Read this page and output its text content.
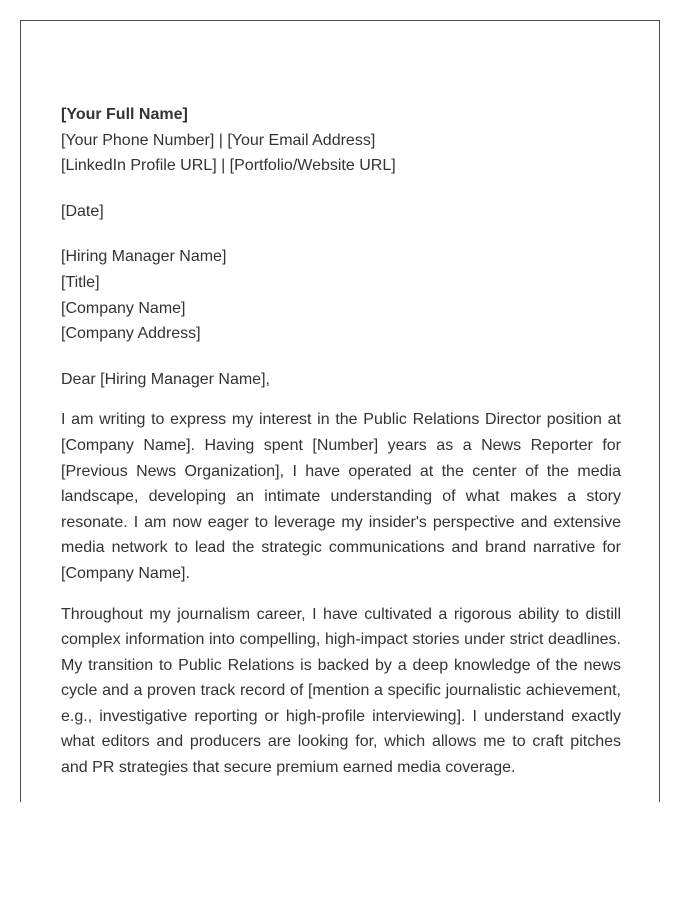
[Your Full Name]
[Your Phone Number] | [Your Email Address]
[LinkedIn Profile URL] | [Portfolio/Website URL]
[Date]
[Hiring Manager Name]
[Title]
[Company Name]
[Company Address]
Dear [Hiring Manager Name],

I am writing to express my interest in the Public Relations Director position at [Company Name]. Having spent [Number] years as a News Reporter for [Previous News Organization], I have operated at the center of the media landscape, developing an intimate understanding of what makes a story resonate. I am now eager to leverage my insider's perspective and extensive media network to lead the strategic communications and brand narrative for [Company Name].

Throughout my journalism career, I have cultivated a rigorous ability to distill complex information into compelling, high-impact stories under strict deadlines. My transition to Public Relations is backed by a deep knowledge of the news cycle and a proven track record of [mention a specific journalistic achievement, e.g., investigative reporting or high-profile interviewing]. I understand exactly what editors and producers are looking for, which allows me to craft pitches and PR strategies that secure premium earned media coverage.
